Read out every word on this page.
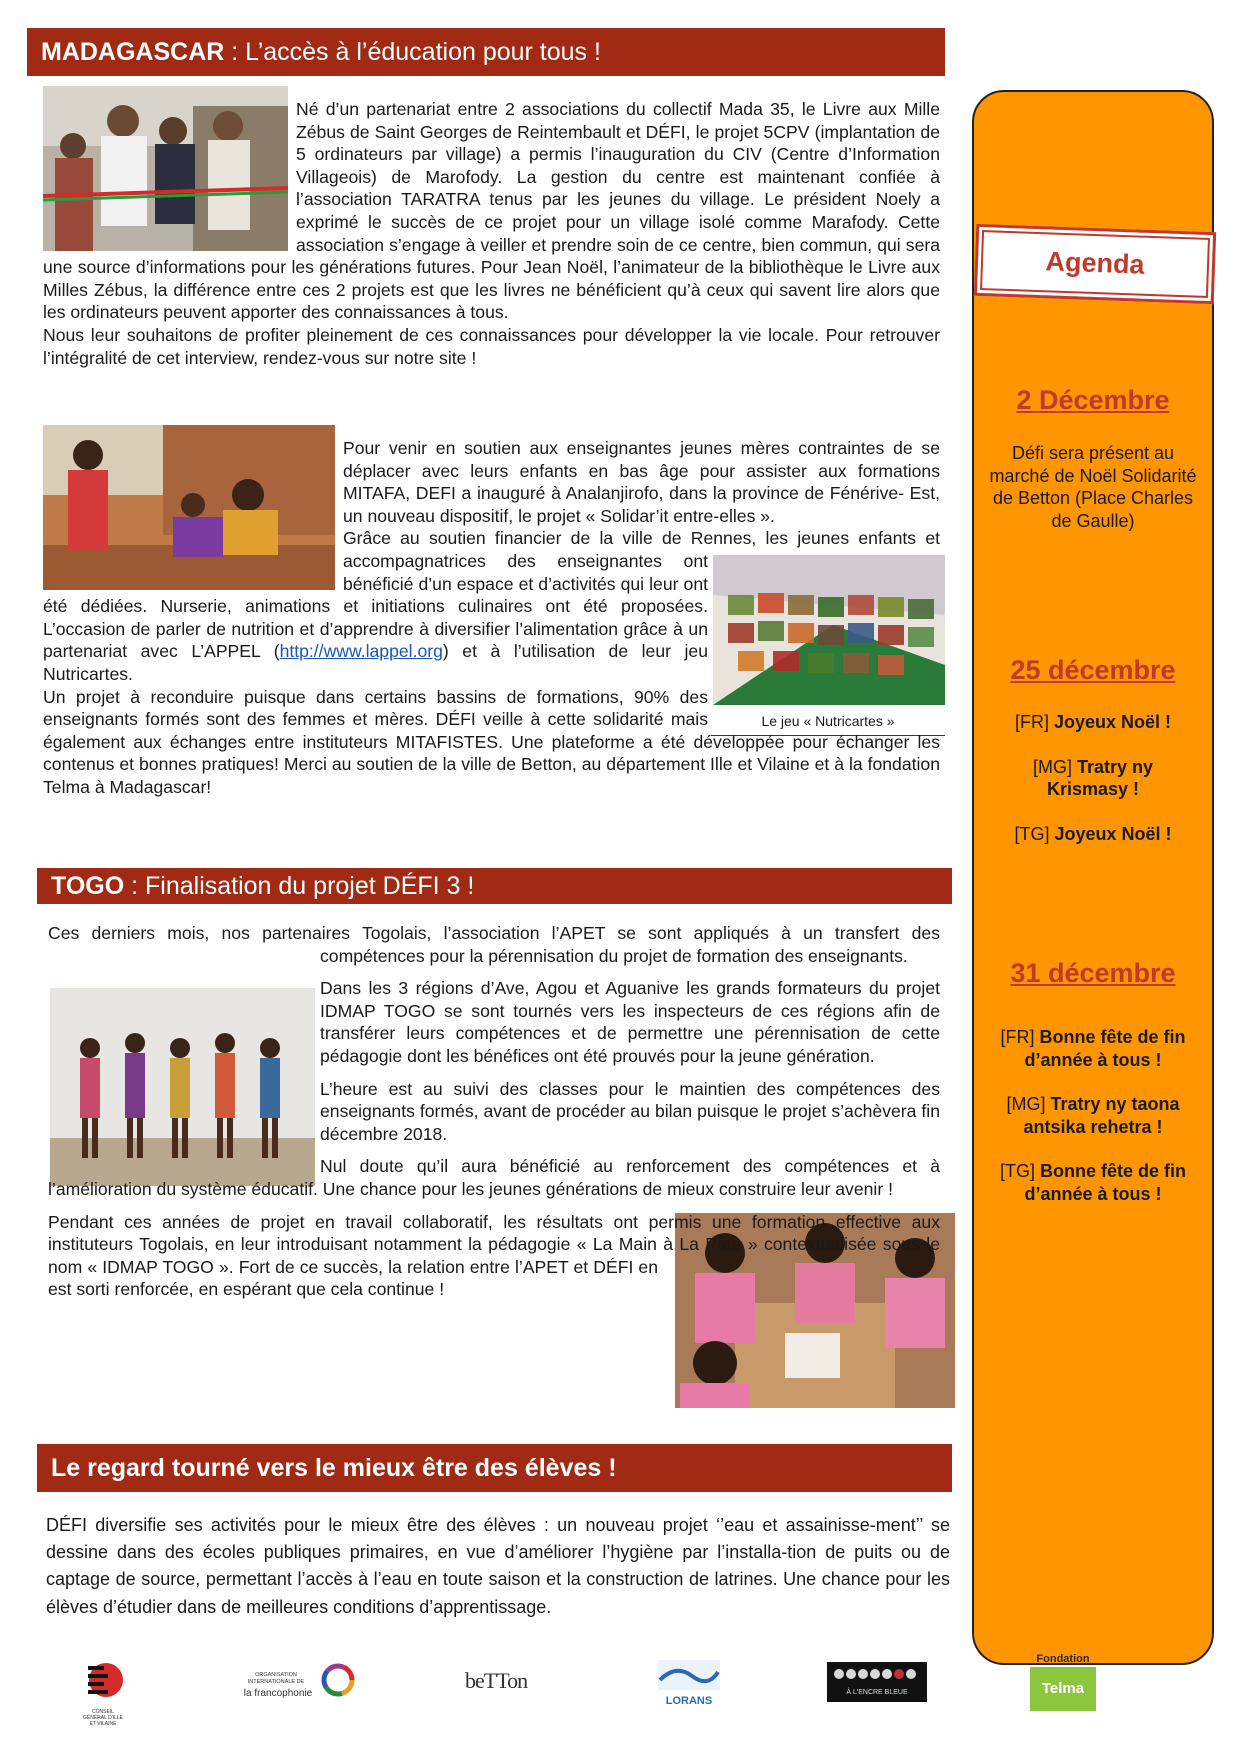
MADAGASCAR : L’accès à l’éducation pour tous !

Né d’un partenariat entre 2 associations du collectif Mada 35, le Livre aux Mille Zébus de Saint Georges de Reintembault et DÉFI, le projet 5CPV (implantation de 5 ordinateurs par village) a permis l’inauguration du CIV (Centre d’Information Villageois) de Marofody. La gestion du centre est maintenant confiée à l’association TARATRA tenus par les jeunes du village. Le président Noely a exprimé le succès de ce projet pour un village isolé comme Marafody. Cette association s’engage à veiller et prendre soin de ce centre, bien commun, qui sera une source d’informations pour les générations futures. Pour Jean Noël, l’animateur de la bibliothèque le Livre aux Milles Zébus, la différence entre ces 2 projets est que les livres ne bénéficient qu’à ceux qui savent lire alors que les ordinateurs peuvent apporter des connaissances à tous.

Nous leur souhaitons de profiter pleinement de ces connaissances pour développer la vie locale. Pour retrouver l’intégralité de cet interview, rendez-vous sur notre site !

Le jeu « Nutricartes »

Pour venir en soutien aux enseignantes jeunes mères contraintes de se déplacer avec leurs enfants en bas âge pour assister aux formations MITAFA, DEFI a inauguré à Analanjirofo, dans la province de Fénérive- Est, un nouveau dispositif, le projet « Solidar’it entre-elles ».

Grâce au soutien financier de la ville de Rennes, les jeunes enfants et accompagnatrices des enseignantes ont bénéficié d’un espace et d’activités qui leur ont été dédiées. Nurserie, animations et initiations culinaires ont été proposées. L’occasion de parler de nutrition et d’apprendre à diversifier l’alimentation grâce à un partenariat avec L’APPEL (http://www.lappel.org) et à l’utilisation de leur jeu Nutricartes.

Un projet à reconduire puisque dans certains bassins de formations, 90% des enseignants formés sont des femmes et mères. DÉFI veille à cette solidarité mais également aux échanges entre instituteurs MITAFISTES. Une plateforme a été développée pour échanger les contenus et bonnes pratiques! Merci au soutien de la ville de Betton, au département Ille et Vilaine et à la fondation Telma à Madagascar!

TOGO : Finalisation du projet DÉFI 3 !

Ces derniers mois, nos partenaires Togolais, l’association l’APET se sont appliqués à un transfert des compétences pour la pérennisation du projet de formation des enseignants.

Dans les 3 régions d’Ave, Agou et Aguanive les grands formateurs du projet IDMAP TOGO se sont tournés vers les inspecteurs de ces régions afin de transférer leurs compétences et de permettre une pérennisation de cette pédagogie dont les bénéfices ont été prouvés pour la jeune génération.

L’heure est au suivi des classes pour le maintien des compétences des enseignants formés, avant de procéder au bilan puisque le projet s’achèvera fin décembre 2018.

Nul doute qu’il aura bénéficié au renforcement des compétences et à l’amélioration du système éducatif. Une chance pour les jeunes générations de mieux construire leur avenir !

Pendant ces années de projet en travail collaboratif, les résultats ont permis une formation effective aux instituteurs Togolais, en leur introduisant notamment la pédagogie « La Main à La Pâte » contextualisée sous le nom « IDMAP TOGO ». Fort de ce succès, la relation entre l’APET et DÉFI en est sorti renforcée, en espérant que cela continue !

Le regard tourné vers le mieux être des élèves !

DÉFI diversifie ses activités pour le mieux être des élèves : un nouveau projet ‘’eau et assainisse-ment’’ se dessine dans des écoles publiques primaires, en vue d’améliorer l’hygiène par l’installa-tion de puits ou de captage de source, permettant l’accès à l’eau en toute saison et la construction de latrines. Une chance pour les élèves d’étudier dans de meilleures conditions d’apprentissage.

Agenda
2 Décembre

Défi sera présent au marché de Noël Solidarité de Betton (Place Charles de Gaulle)

25 décembre

[FR] Joyeux Noël !

[MG] Tratry ny Krismasy !

[TG] Joyeux Noël !

31 décembre

[FR] Bonne fête de fin d’année à tous !

[MG] Tratry ny taona antsika rehetra !

[TG] Bonne fête de fin d’année à tous !

CONSEIL GÉNÉRAL D'ILLE ET VILAINE
ORGANISATION INTERNATIONALE DE
la francophonie
beTTon
LORANS
À L'ENCRE BLEUE
Fondation
Telma
